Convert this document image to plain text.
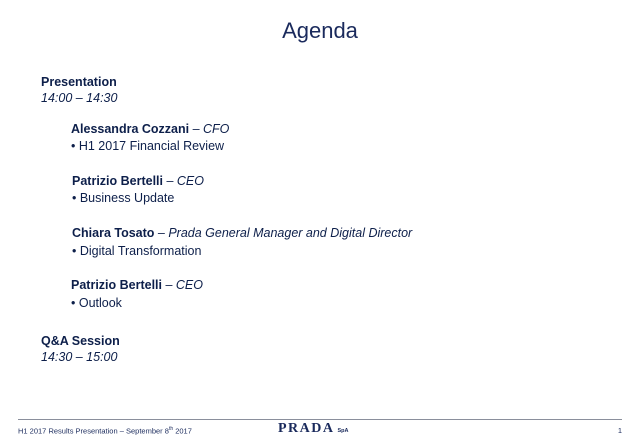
Agenda
Presentation
14:00 – 14:30
Alessandra Cozzani – CFO
• H1 2017 Financial Review
Patrizio Bertelli – CEO
• Business Update
Chiara Tosato – Prada General Manager and Digital Director
• Digital Transformation
Patrizio Bertelli – CEO
• Outlook
Q&A Session
14:30 – 15:00
H1 2017 Results Presentation – September 8th 2017	PRADA SpA	1
